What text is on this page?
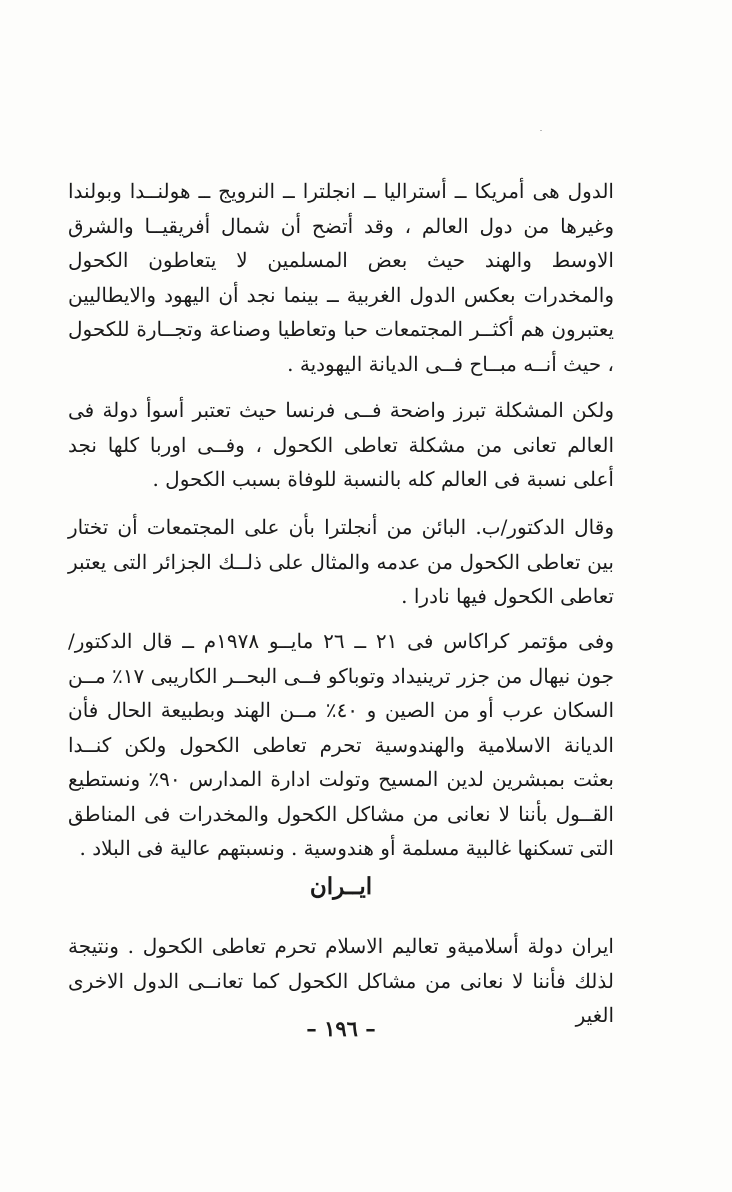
الدول هى أمريكا ــ أستراليا ــ انجلترا ــ النرويج ــ هولنــدا وبولندا وغيرها من دول العالم ، وقد أتضح أن شمال أفريقيــا والشرق الاوسط والهند حيث بعض المسلمين لا يتعاطون الكحول والمخدرات بعكس الدول الغربية ــ بينما نجد أن اليهود والايطاليين يعتبرون هم أكثــر المجتمعات حبا وتعاطيا وصناعة وتجــارة للكحول ، حيث أنــه مبــاح فــى الديانة اليهودية .

ولكن المشكلة تبرز واضحة فــى فرنسا حيث تعتبر أسوأ دولة فى العالم تعانى من مشكلة تعاطى الكحول ، وفــى اوربا كلها نجد أعلى نسبة فى العالم كله بالنسبة للوفاة بسبب الكحول .

وقال الدكتور/ب. البائن من أنجلترا بأن على المجتمعات أن تختار بين تعاطى الكحول من عدمه والمثال على ذلــك الجزائر التى يعتبر تعاطى الكحول فيها نادرا .

وفى مؤتمر كراكاس فى ٢١ ــ ٢٦ مايــو ١٩٧٨م ــ قال الدكتور/ جون نيهال من جزر ترينيداد وتوباكو فــى البحــر الكاريبى ١٧٪ مــن السكان عرب أو من الصين و ٤٠٪ مــن الهند وبطبيعة الحال فأن الديانة الاسلامية والهندوسية تحرم تعاطى الكحول ولكن كنــدا بعثت بمبشرين لدين المسيح وتولت ادارة المدارس ٩٠٪ ونستطيع القــول بأننا لا نعانى من مشاكل الكحول والمخدرات فى المناطق التى تسكنها غالبية مسلمة أو هندوسية . ونسبتهم عالية فى البلاد .

ايــران

ايران دولة أسلاميةو تعاليم الاسلام تحرم تعاطى الكحول . ونتيجة لذلك فأننا لا نعانى من مشاكل الكحول كما تعانــى الدول الاخرى الغير

– ١٩٦ –
